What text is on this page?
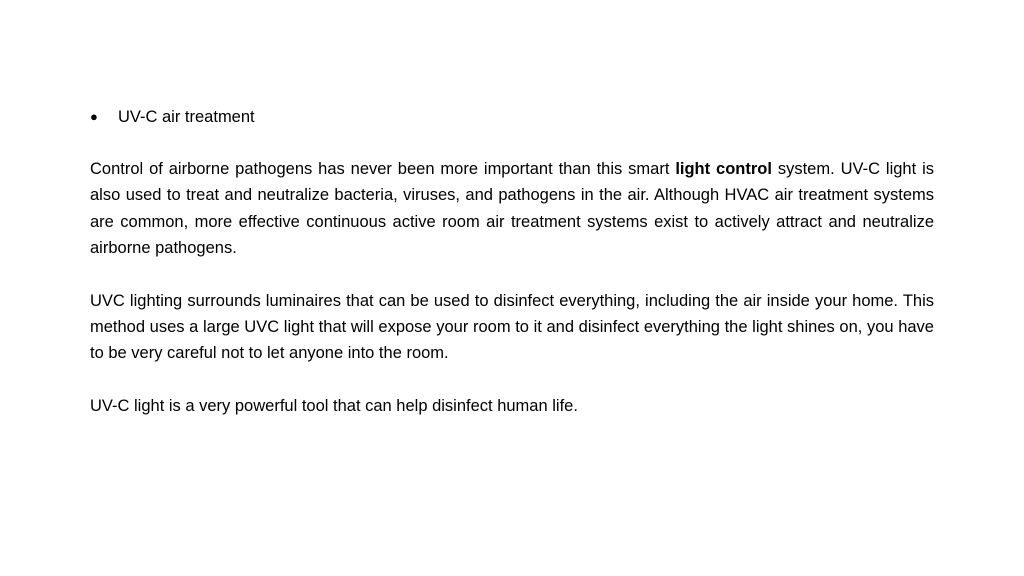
●	UV-C air treatment

Control of airborne pathogens has never been more important than this smart light control system. UV-C light is also used to treat and neutralize bacteria, viruses, and pathogens in the air. Although HVAC air treatment systems are common, more effective continuous active room air treatment systems exist to actively attract and neutralize airborne pathogens.

UVC lighting surrounds luminaires that can be used to disinfect everything, including the air inside your home. This method uses a large UVC light that will expose your room to it and disinfect everything the light shines on, you have to be very careful not to let anyone into the room.

UV-C light is a very powerful tool that can help disinfect human life.
